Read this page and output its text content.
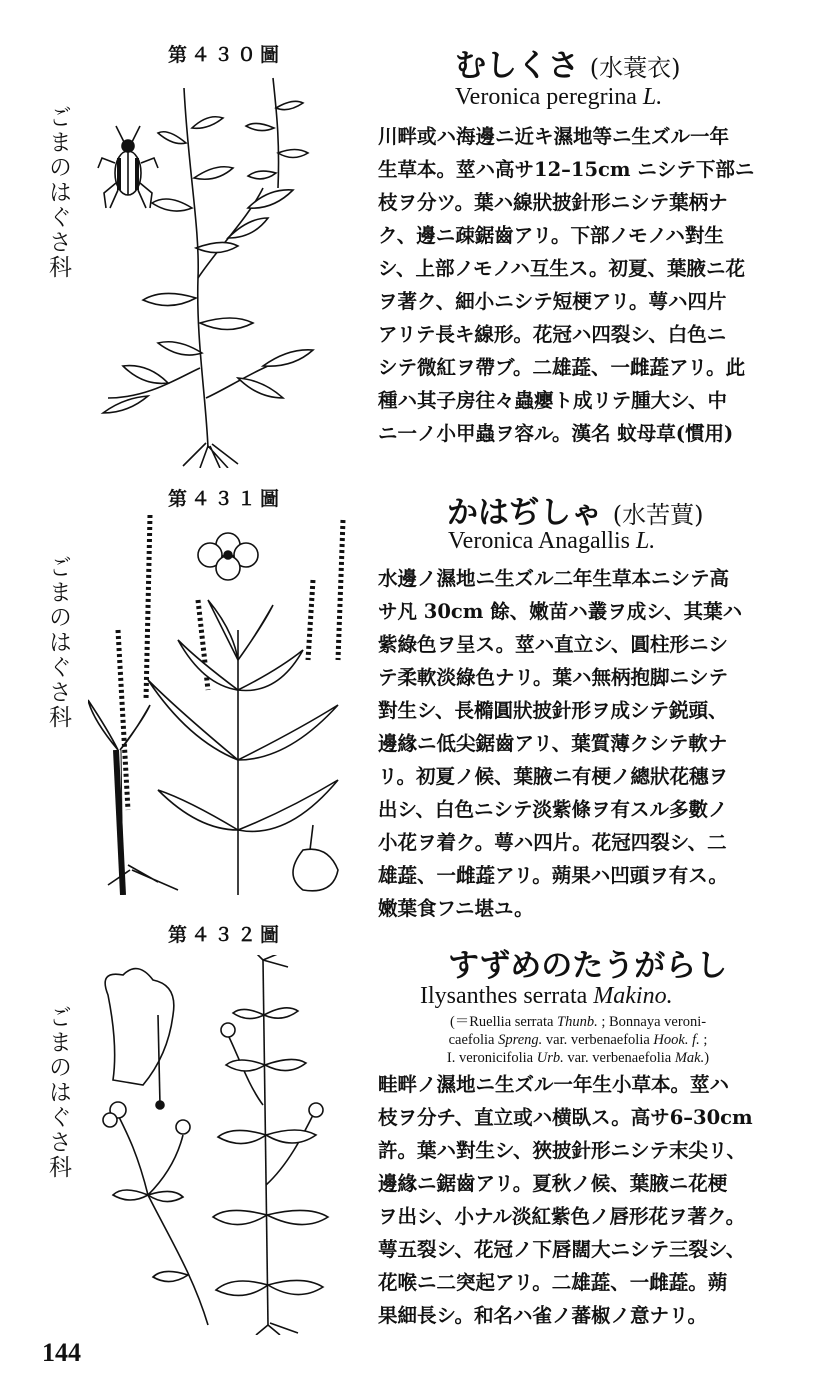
第４３０圖
ごまのはぐさ科
むしくさ (水蓑衣)
Veronica peregrina L.
川畔或ハ海邊ニ近キ濕地等ニ生ズル一年
生草本。莖ハ高サ12–15cm ニシテ下部ニ
枝ヲ分ツ。葉ハ線狀披針形ニシテ葉柄ナ
ク、邊ニ疎鋸齒アリ。下部ノモノハ對生
シ、上部ノモノハ互生ス。初夏、葉腋ニ花
ヲ著ク、細小ニシテ短梗アリ。萼ハ四片
アリテ長キ線形。花冠ハ四裂シ、白色ニ
シテ微紅ヲ帶ブ。二雄蕋、一雌蕋アリ。此
種ハ其子房往々蟲癭ト成リテ腫大シ、中
ニ一ノ小甲蟲ヲ容ル。漢名 蚊母草(慣用)
第４３１圖
ごまのはぐさ科
かはぢしゃ (水苦蕒)
Veronica Anagallis L.
水邊ノ濕地ニ生ズル二年生草本ニシテ高
サ凡 30cm 餘、嫩苗ハ叢ヲ成シ、其葉ハ
紫綠色ヲ呈ス。莖ハ直立シ、圓柱形ニシ
テ柔軟淡綠色ナリ。葉ハ無柄抱脚ニシテ
對生シ、長橢圓狀披針形ヲ成シテ鋭頭、
邊緣ニ低尖鋸齒アリ、葉質薄クシテ軟ナ
リ。初夏ノ候、葉腋ニ有梗ノ總狀花穗ヲ
出シ、白色ニシテ淡紫條ヲ有スル多數ノ
小花ヲ着ク。萼ハ四片。花冠四裂シ、二
雄蕋、一雌蕋アリ。蒴果ハ凹頭ヲ有ス。
嫩葉食フニ堪ユ。
第４３２圖
ごまのはぐさ科
すずめのたうがらし
Ilysanthes serrata Makino.
(＝Ruellia serrata Thunb. ; Bonnaya veroni-
caefolia Spreng. var. verbenaefolia Hook. f. ;
I. veronicifolia Urb. var. verbenaefolia Mak.)
畦畔ノ濕地ニ生ズル一年生小草本。莖ハ
枝ヲ分チ、直立或ハ横臥ス。高サ6–30cm
許。葉ハ對生シ、狹披針形ニシテ末尖リ、
邊緣ニ鋸齒アリ。夏秋ノ候、葉腋ニ花梗
ヲ出シ、小ナル淡紅紫色ノ唇形花ヲ著ク。
萼五裂シ、花冠ノ下唇闊大ニシテ三裂シ、
花喉ニ二突起アリ。二雄蕋、一雌蕋。蒴
果細長シ。和名ハ雀ノ蕃椒ノ意ナリ。
144
